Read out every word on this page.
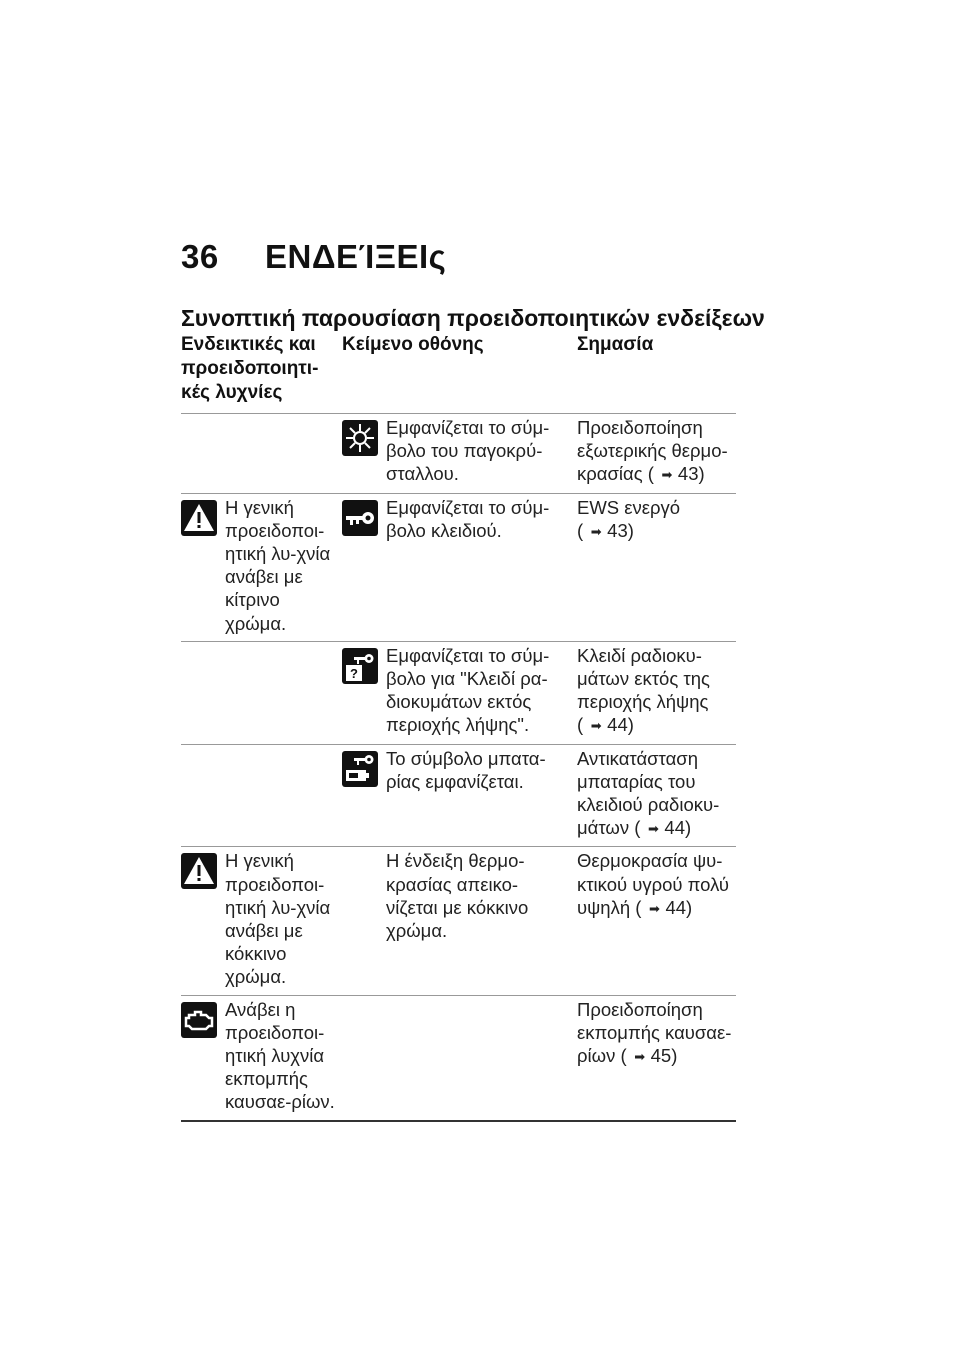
36 ΕΝΔΕΊΞΕΙς
Συνοπτική παρουσίαση προειδοποιητικών ενδείξεων
Ενδεικτικές και
προειδοποιητι-
κές λυχνίες
Κείμενο οθόνης	Σημασία
Εμφανίζεται το σύμ-βολο του παγοκρύ-σταλλου.
Προειδοποίηση εξωτερικής θερμο-κρασίας ( ➡ 43)
Η γενική προειδοποι-ητική λυ-χνία ανάβει με κίτρινο χρώμα.
Εμφανίζεται το σύμ-βολο κλειδιού.
EWS ενεργό
( ➡ 43)
?
Εμφανίζεται το σύμ-βολο για "Κλειδί ρα-διοκυμάτων εκτός περιοχής λήψης".
Κλειδί ραδιοκυ-μάτων εκτός της περιοχής λήψης
( ➡ 44)
Το σύμβολο μπατα-ρίας εμφανίζεται.
Αντικατάσταση μπαταρίας του κλειδιού ραδιοκυ-μάτων ( ➡ 44)
Η γενική προειδοποι-ητική λυ-χνία ανάβει με κόκκινο χρώμα.
Η ένδειξη θερμο-κρασίας απεικο-νίζεται με κόκκινο χρώμα.
Θερμοκρασία ψυ-κτικού υγρού πολύ υψηλή ( ➡ 44)
Ανάβει η προειδοποι-ητική λυχνία εκπομπής καυσαε-ρίων.
Προειδοποίηση εκπομπής καυσαε-ρίων ( ➡ 45)
